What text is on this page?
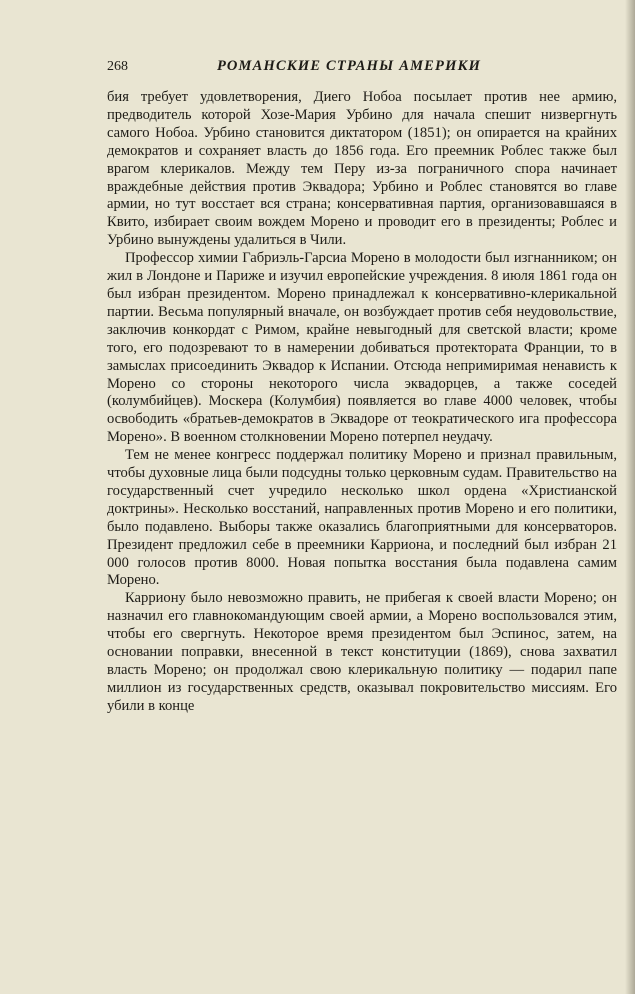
268	РОМАНСКИЕ СТРАНЫ АМЕРИКИ

бия требует удовлетворения, Диего Нобоа посылает против нее армию, предводитель которой Хозе-Мария Урбино для начала спешит низвергнуть самого Нобоа. Урбино становится диктатором (1851); он опирается на крайних демократов и сохраняет власть до 1856 года. Его преемник Роблес также был врагом клерикалов. Между тем Перу из-за пограничного спора начинает враждебные действия против Эквадора; Урбино и Роблес становятся во главе армии, но тут восстает вся страна; консервативная партия, организовавшаяся в Квито, избирает своим вождем Морено и проводит его в президенты; Роблес и Урбино вынуждены удалиться в Чили.

Профессор химии Габриэль-Гарсиа Морено в молодости был изгнанником; он жил в Лондоне и Париже и изучил европейские учреждения. 8 июля 1861 года он был избран президентом. Морено принадлежал к консервативно-клерикальной партии. Весьма популярный вначале, он возбуждает против себя неудовольствие, заключив конкордат с Римом, крайне невыгодный для светской власти; кроме того, его подозревают то в намерении добиваться протектората Франции, то в замыслах присоединить Эквадор к Испании. Отсюда непримиримая ненависть к Морено со стороны некоторого числа эквадорцев, а также соседей (колумбийцев). Москера (Колумбия) появляется во главе 4000 человек, чтобы освободить «братьев-демократов в Эквадоре от теократического ига профессора Морено». В военном столкновении Морено потерпел неудачу.

Тем не менее конгресс поддержал политику Морено и признал правильным, чтобы духовные лица были подсудны только церковным судам. Правительство на государственный счет учредило несколько школ ордена «Христианской доктрины». Несколько восстаний, направленных против Морено и его политики, было подавлено. Выборы также оказались благоприятными для консерваторов. Президент предложил себе в преемники Карриона, и последний был избран 21 000 голосов против 8000. Новая попытка восстания была подавлена самим Морено.

Карриону было невозможно править, не прибегая к своей власти Морено; он назначил его главнокомандующим своей армии, а Морено воспользовался этим, чтобы его свергнуть. Некоторое время президентом был Эспинос, затем, на основании поправки, внесенной в текст конституции (1869), снова захватил власть Морено; он продолжал свою клерикальную политику — подарил папе миллион из государственных средств, оказывал покровительство миссиям. Его убили в конце
